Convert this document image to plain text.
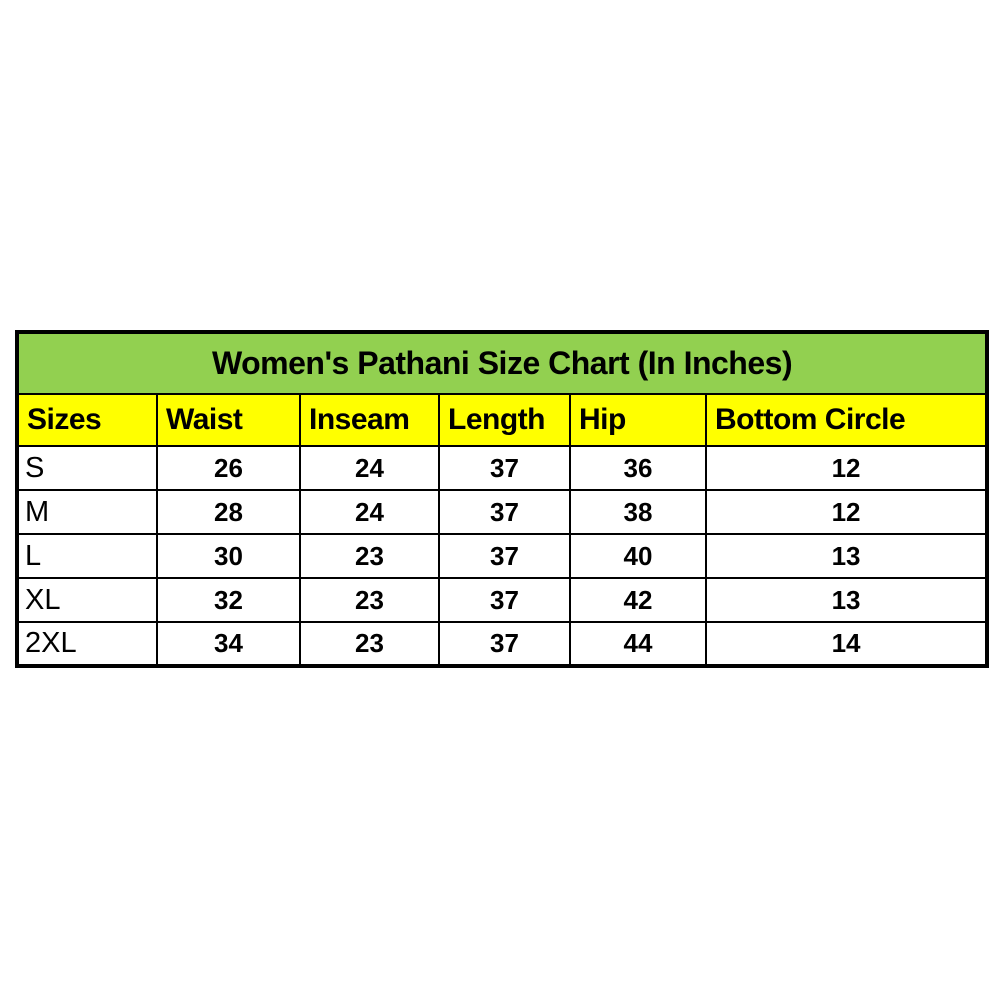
Women's Pathani Size Chart (In Inches)					
Sizes	Waist	Inseam	Length	Hip	Bottom Circle
S	26	24	37	36	12
M	28	24	37	38	12
L	30	23	37	40	13
XL	32	23	37	42	13
2XL	34	23	37	44	14
